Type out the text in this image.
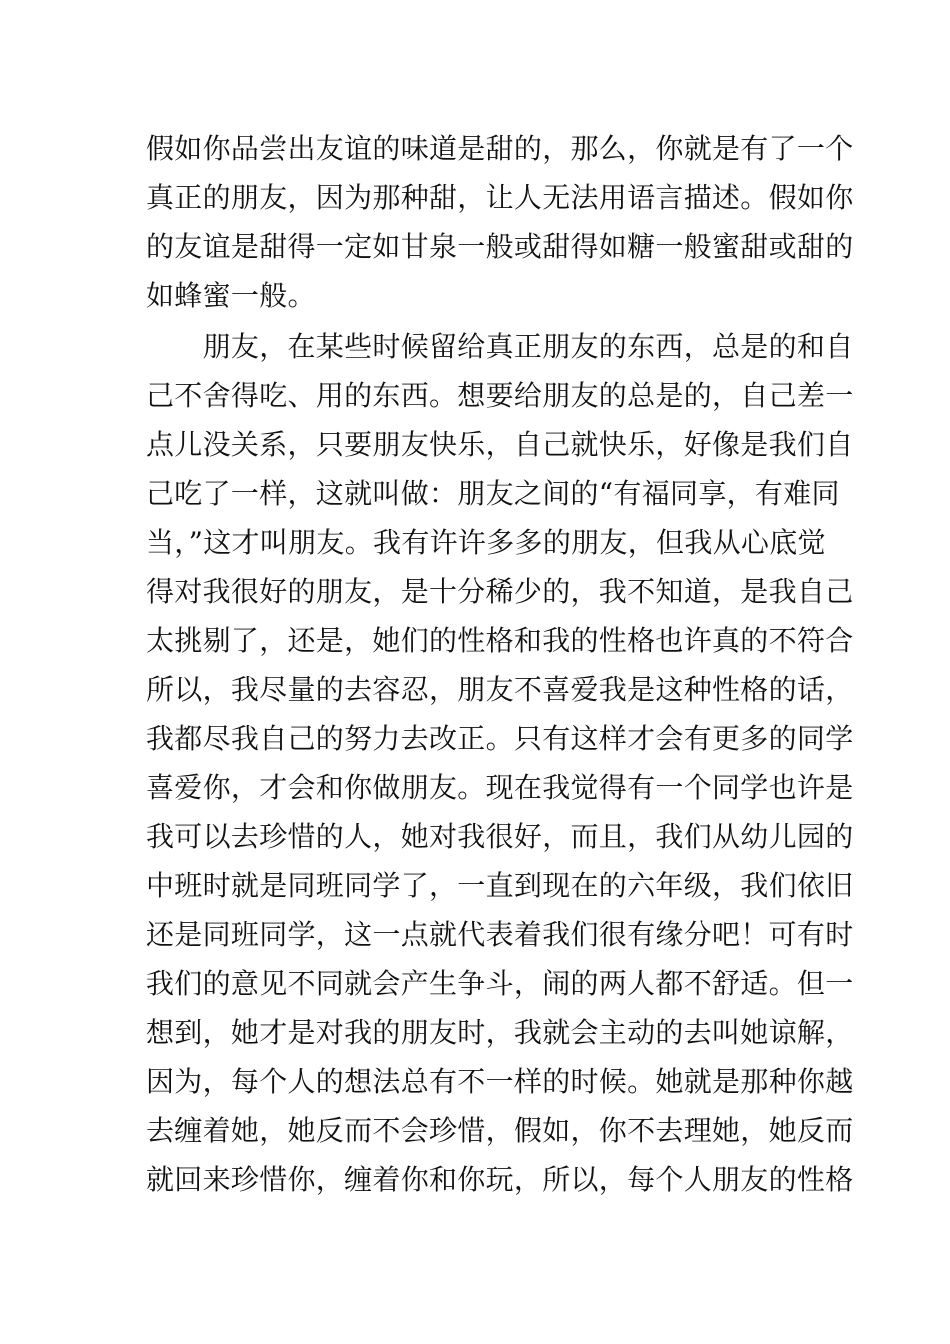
假如你品尝出友谊的味道是甜的，那么，你就是有了一个
真正的朋友，因为那种甜，让人无法用语言描述。假如你
的友谊是甜得一定如甘泉一般或甜得如糖一般蜜甜或甜的
如蜂蜜一般。
　　朋友，在某些时候留给真正朋友的东西，总是的和自
己不舍得吃、用的东西。想要给朋友的总是的，自己差一
点儿没关系，只要朋友快乐，自己就快乐，好像是我们自
己吃了一样，这就叫做：朋友之间的“有福同享，有难同
当，”这才叫朋友。我有许许多多的朋友，但我从心底觉
得对我很好的朋友，是十分稀少的，我不知道，是我自己
太挑剔了，还是，她们的性格和我的性格也许真的不符合
所以，我尽量的去容忍，朋友不喜爱我是这种性格的话，
我都尽我自己的努力去改正。只有这样才会有更多的同学
喜爱你，才会和你做朋友。现在我觉得有一个同学也许是
我可以去珍惜的人，她对我很好，而且，我们从幼儿园的
中班时就是同班同学了，一直到现在的六年级，我们依旧
还是同班同学，这一点就代表着我们很有缘分吧！可有时
我们的意见不同就会产生争斗，闹的两人都不舒适。但一
想到，她才是对我的朋友时，我就会主动的去叫她谅解，
因为，每个人的想法总有不一样的时候。她就是那种你越
去缠着她，她反而不会珍惜，假如，你不去理她，她反而
就回来珍惜你，缠着你和你玩，所以，每个人朋友的性格
